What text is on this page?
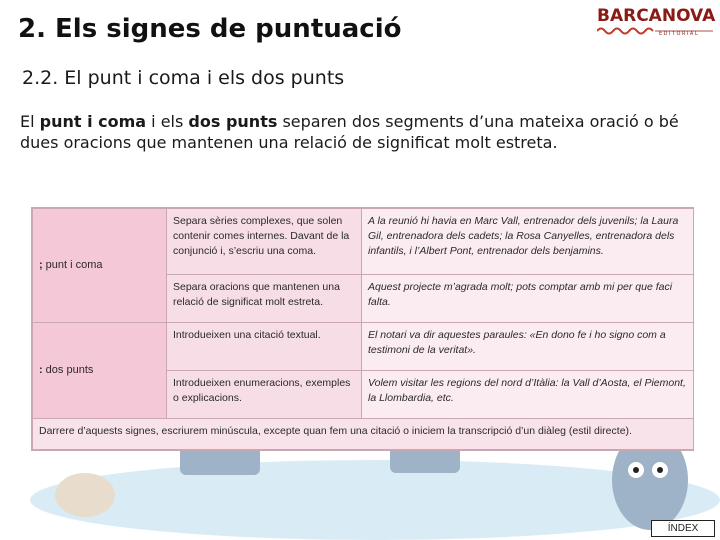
2. Els signes de puntuació	BARCANOVA
EDITORIAL
2.2. El punt i coma i els dos punts

El punt i coma i els dos punts separen dos segments d’una mateixa oració o bé dues oracions que mantenen una relació de significat molt estreta.

; punt i coma	Separa sèries complexes, que solen contenir comes internes. Davant de la conjunció i, s’escriu una coma.	A la reunió hi havia en Marc Vall, entrenador dels juvenils; la Laura Gil, entrenadora dels cadets; la Rosa Canyelles, entrenadora dels infantils, i l’Albert Pont, entrenador dels benjamins.
	Separa oracions que mantenen una relació de significat molt estreta.	Aquest projecte m’agrada molt; pots comptar amb mi per que faci falta.
: dos punts	Introdueixen una citació textual.	El notari va dir aquestes paraules: «En dono fe i ho signo com a testimoni de la veritat».
	Introdueixen enumeracions, exemples o explicacions.	Volem visitar les regions del nord d’Itàlia: la Vall d’Aosta, el Piemont, la Llombardia, etc.
Darrere d’aquests signes, escriurem minúscula, excepte quan fem una citació o iniciem la transcripció d’un diàleg (estil directe).		
ÍNDEX
